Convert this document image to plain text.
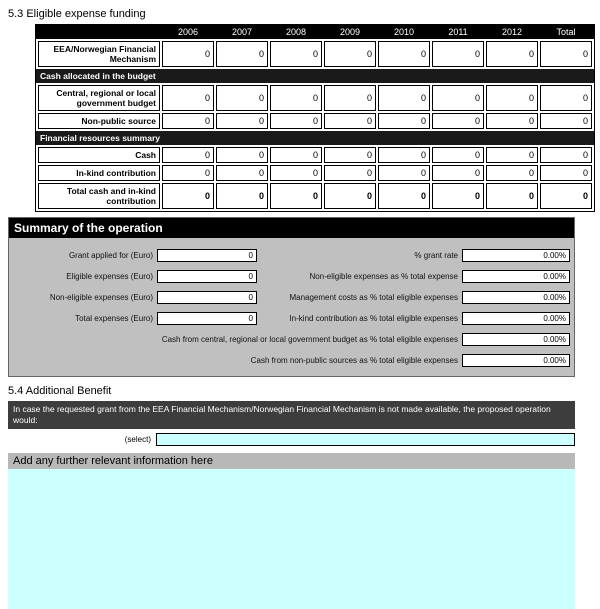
5.3 Eligible expense funding
2006	2007	2008	2009	2010	2011	2012	Total
EEA/Norwegian Financial Mechanism	0	0	0	0	0	0	0	0
Cash allocated in the budget
Central, regional or local government budget	0	0	0	0	0	0	0	0
Non-public source	0	0	0	0	0	0	0	0
Financial resources summary
Cash	0	0	0	0	0	0	0	0
In-kind contribution	0	0	0	0	0	0	0	0
Total cash and in-kind contribution	0	0	0	0	0	0	0	0
Summary of the operation
Grant applied for (Euro)	0	% grant rate	0.00%
Eligible expenses (Euro)	0	Non-eligible expenses as % total expense	0.00%
Non-eligible expenses (Euro)	0	Management costs as % total eligible expenses	0.00%
Total expenses (Euro)	0	In-kind contribution as % total eligible expenses	0.00%
Cash from central, regional or local government budget as % total eligible expenses	0.00%
Cash from non-public sources as % total eligible expenses	0.00%
5.4 Additional Benefit
In case the requested grant from the EEA Financial Mechanism/Norwegian Financial Mechanism is not made available, the proposed operation would:
(select)
Add any further relevant information here
